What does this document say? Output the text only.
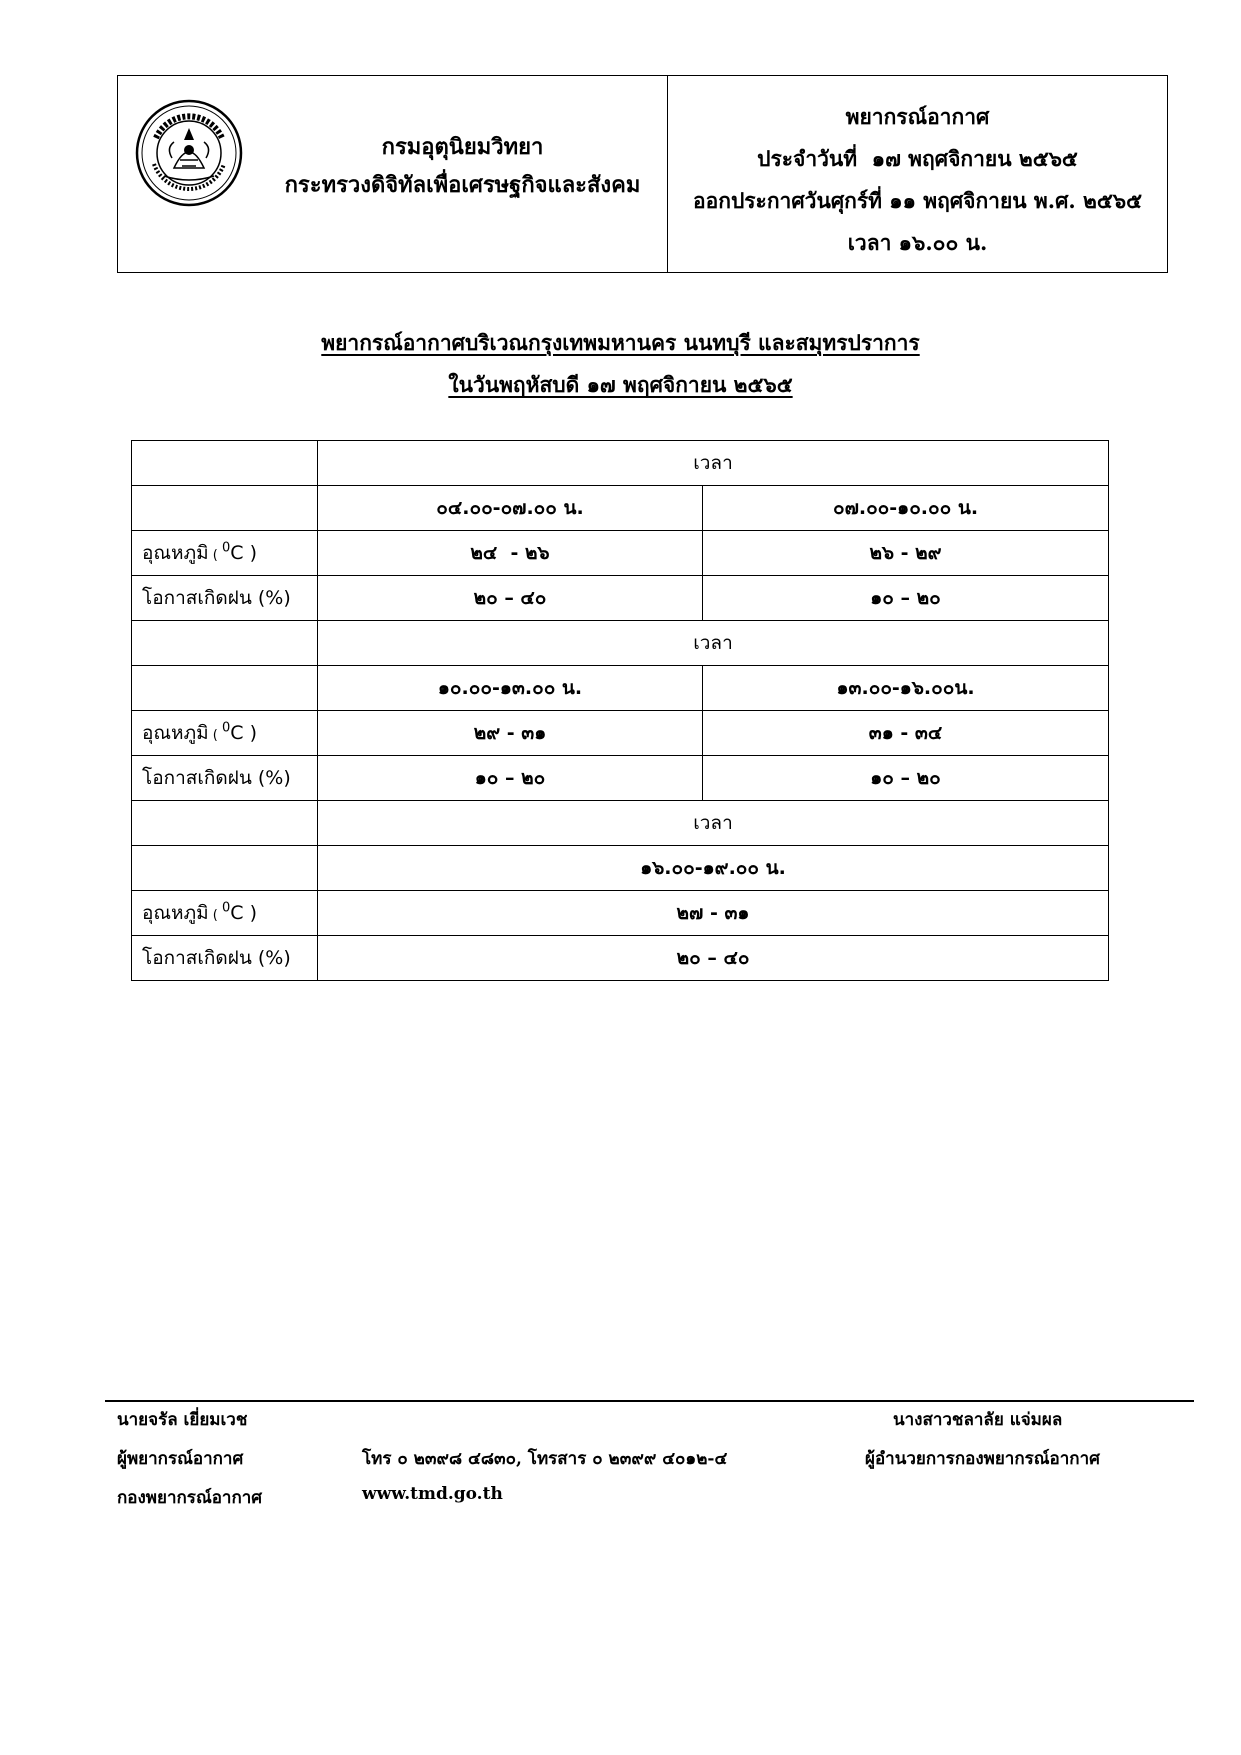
กรมอุตุนิยมวิทยา
กระทรวงดิจิทัลเพื่อเศรษฐกิจและสังคม
พยากรณ์อากาศ
ประจำวันที่  ๑๗ พฤศจิกายน ๒๕๖๕
ออกประกาศวันศุกร์ที่ ๑๑ พฤศจิกายน พ.ศ. ๒๕๖๕
เวลา ๑๖.๐๐ น.
พยากรณ์อากาศบริเวณกรุงเทพมหานคร นนทบุรี และสมุทรปราการ
ในวันพฤหัสบดี ๑๗ พฤศจิกายน ๒๕๖๕
	เวลา	
	๐๔.๐๐-๐๗.๐๐ น.	๐๗.๐๐-๑๐.๐๐ น.
อุณหภูมิ ( $^0$C )	๒๔  - ๒๖	๒๖ - ๒๙
โอกาสเกิดฝน (%)	๒๐ – ๔๐	๑๐ – ๒๐
	เวลา	
	๑๐.๐๐-๑๓.๐๐ น.	๑๓.๐๐-๑๖.๐๐น.
อุณหภูมิ ( $^0$C )	๒๙ - ๓๑	๓๑ - ๓๔
โอกาสเกิดฝน (%)	๑๐ – ๒๐	๑๐ – ๒๐
	เวลา	
	๑๖.๐๐-๑๙.๐๐ น.	
อุณหภูมิ ( $^0$C )	๒๗ - ๓๑	
โอกาสเกิดฝน (%)	๒๐ – ๔๐	
นายจรัล เยี่ยมเวช
ผู้พยากรณ์อากาศ
กองพยากรณ์อากาศ
โทร ๐ ๒๓๙๘ ๔๘๓๐, โทรสาร ๐ ๒๓๙๙ ๔๐๑๒-๔
www.tmd.go.th
นางสาวชลาลัย แจ่มผล
ผู้อำนวยการกองพยากรณ์อากาศ
